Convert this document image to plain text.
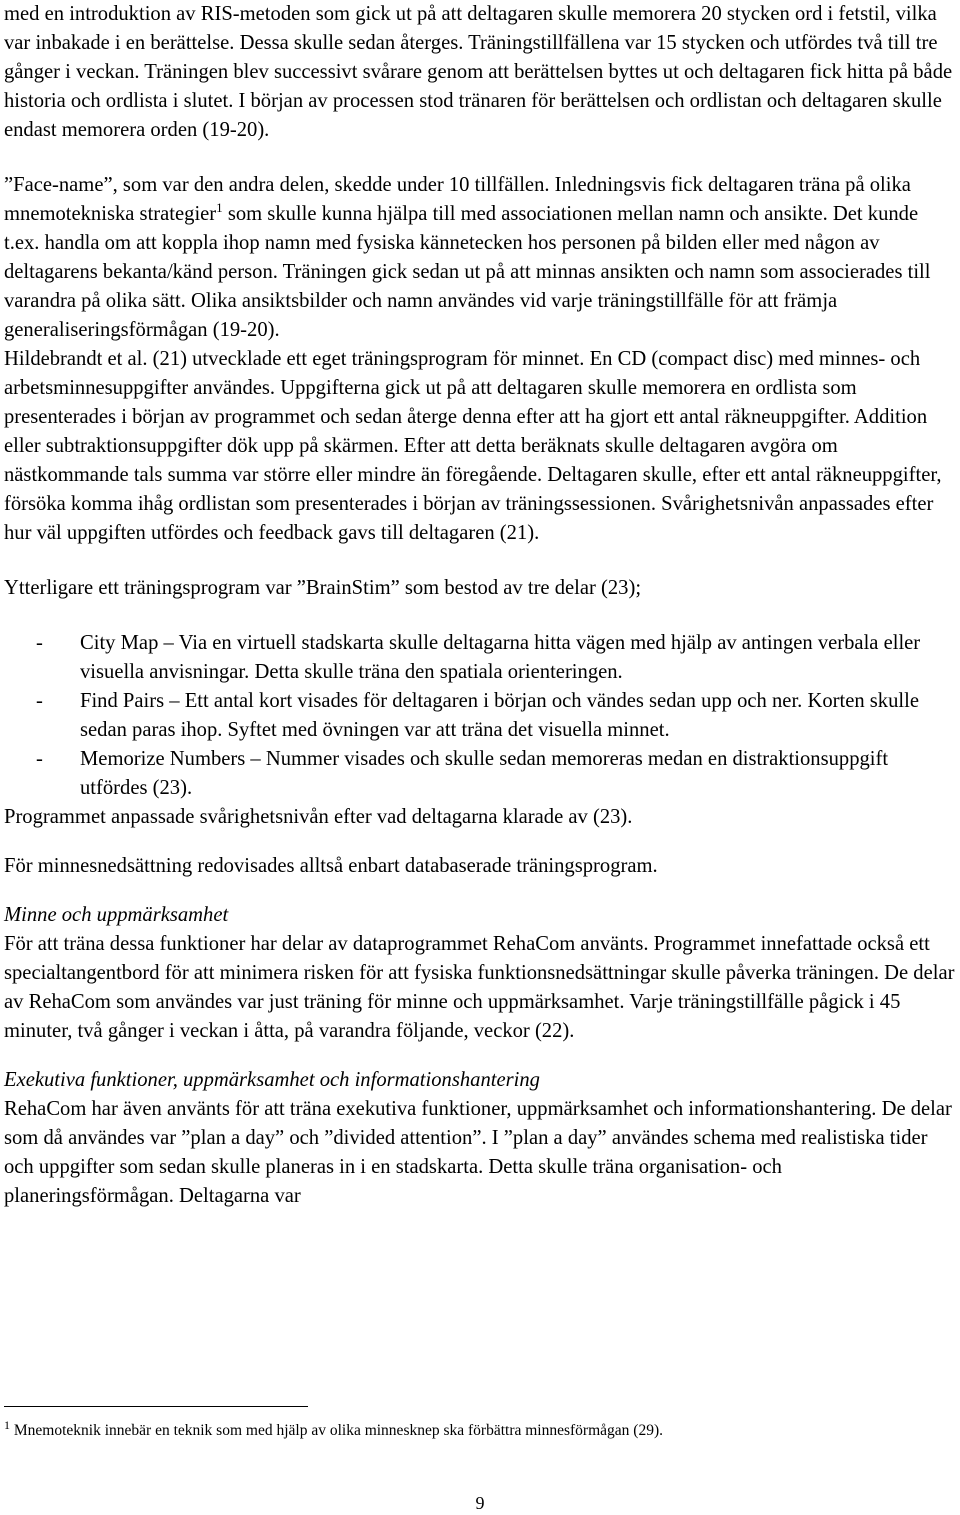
med en introduktion av RIS-metoden som gick ut på att deltagaren skulle memorera 20 stycken ord i fetstil, vilka var inbakade i en berättelse. Dessa skulle sedan återges. Träningstillfällena var 15 stycken och utfördes två till tre gånger i veckan. Träningen blev successivt svårare genom att berättelsen byttes ut och deltagaren fick hitta på både historia och ordlista i slutet. I början av processen stod tränaren för berättelsen och ordlistan och deltagaren skulle endast memorera orden (19-20).

”Face-name”, som var den andra delen, skedde under 10 tillfällen. Inledningsvis fick deltagaren träna på olika mnemotekniska strategier$^1$ som skulle kunna hjälpa till med associationen mellan namn och ansikte. Det kunde t.ex. handla om att koppla ihop namn med fysiska kännetecken hos personen på bilden eller med någon av deltagarens bekanta/känd person. Träningen gick sedan ut på att minnas ansikten och namn som associerades till varandra på olika sätt. Olika ansiktsbilder och namn användes vid varje träningstillfälle för att främja generaliseringsförmågan (19-20).

Hildebrandt et al. (21) utvecklade ett eget träningsprogram för minnet. En CD (compact disc) med minnes- och arbetsminnesuppgifter användes. Uppgifterna gick ut på att deltagaren skulle memorera en ordlista som presenterades i början av programmet och sedan återge denna efter att ha gjort ett antal räkneuppgifter. Addition eller subtraktionsuppgifter dök upp på skärmen. Efter att detta beräknats skulle deltagaren avgöra om nästkommande tals summa var större eller mindre än föregående. Deltagaren skulle, efter ett antal räkneuppgifter, försöka komma ihåg ordlistan som presenterades i början av träningssessionen. Svårighetsnivån anpassades efter hur väl uppgiften utfördes och feedback gavs till deltagaren (21).

Ytterligare ett träningsprogram var ”BrainStim” som bestod av tre delar (23);

- City Map – Via en virtuell stadskarta skulle deltagarna hitta vägen med hjälp av antingen verbala eller visuella anvisningar. Detta skulle träna den spatiala orienteringen.
- Find Pairs – Ett antal kort visades för deltagaren i början och vändes sedan upp och ner. Korten skulle sedan paras ihop. Syftet med övningen var att träna det visuella minnet.
- Memorize Numbers – Nummer visades och skulle sedan memoreras medan en distraktionsuppgift utfördes (23).

Programmet anpassade svårighetsnivån efter vad deltagarna klarade av (23).

För minnesnedsättning redovisades alltså enbart databaserade träningsprogram.

Minne och uppmärksamhet

För att träna dessa funktioner har delar av dataprogrammet RehaCom använts. Programmet innefattade också ett specialtangentbord för att minimera risken för att fysiska funktionsnedsättningar skulle påverka träningen. De delar av RehaCom som användes var just träning för minne och uppmärksamhet. Varje träningstillfälle pågick i 45 minuter, två gånger i veckan i åtta, på varandra följande, veckor (22).

Exekutiva funktioner, uppmärksamhet och informationshantering

RehaCom har även använts för att träna exekutiva funktioner, uppmärksamhet och informationshantering. De delar som då användes var ”plan a day” och ”divided attention”. I ”plan a day” användes schema med realistiska tider och uppgifter som sedan skulle planeras in i en stadskarta. Detta skulle träna organisation- och planeringsförmågan. Deltagarna var

$^1$ Mnemoteknik innebär en teknik som med hjälp av olika minnesknep ska förbättra minnesförmågan (29).

9
